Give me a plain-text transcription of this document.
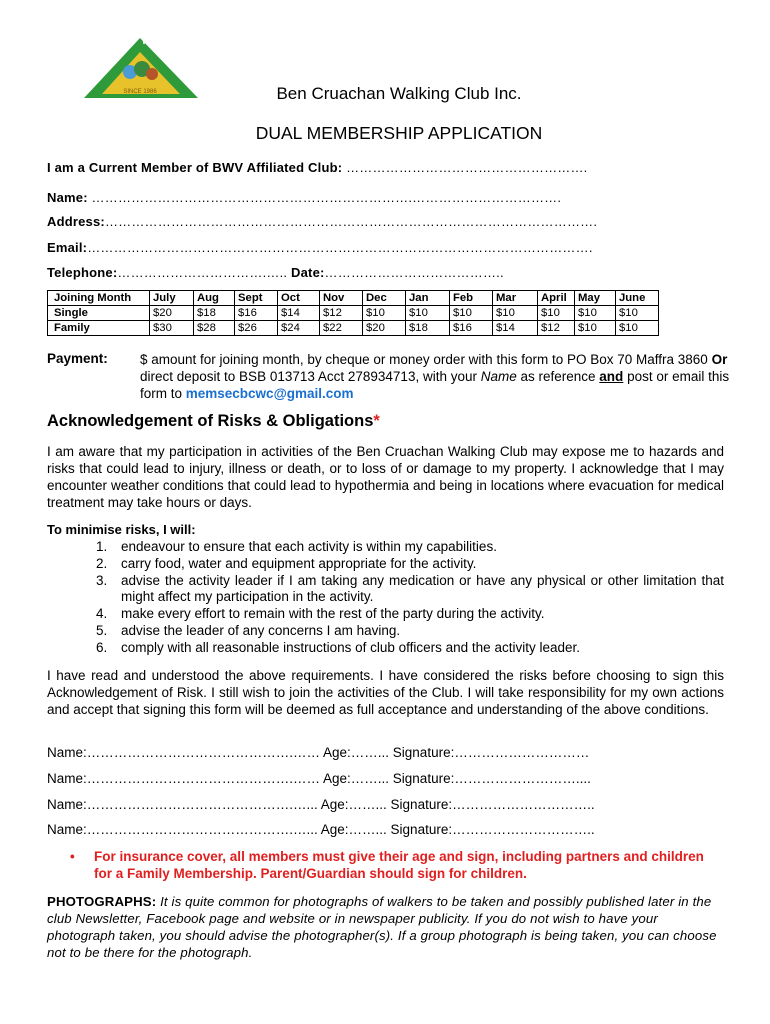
BEN CRUACHAN
WALKING CLUB
SINCE 1986	Ben Cruachan Walking Club Inc.
DUAL MEMBERSHIP APPLICATION
I am a Current Member of BWV Affiliated Club: ……………………………………………….
Name: ……………………………………………………………….…………………………….
Address:………………………………………………………………………………………………….
Email:…………………………………………………………………………………………………….
Telephone:…………………………….….. Date:…………………………………..
Joining Month	July	Aug	Sept	Oct	Nov	Dec	Jan	Feb	Mar	April	May	June
Single	$20	$18	$16	$14	$12	$10	$10	$10	$10	$10	$10	$10
Family	$30	$28	$26	$24	$22	$20	$18	$16	$14	$12	$10	$10
Payment: $ amount for joining month, by cheque or money order with this form to PO Box 70 Maffra 3860 Or direct deposit to BSB 013713 Acct 278934713, with your Name as reference and post or email this form to memsecbcwc@gmail.com
Acknowledgement of Risks & Obligations*
I am aware that my participation in activities of the Ben Cruachan Walking Club may expose me to hazards and risks that could lead to injury, illness or death, or to loss of or damage to my property. I acknowledge that I may encounter weather conditions that could lead to hypothermia and being in locations where evacuation for medical treatment may take hours or days.
To minimise risks, I will:
1. endeavour to ensure that each activity is within my capabilities.
2. carry food, water and equipment appropriate for the activity.
3. advise the activity leader if I am taking any medication or have any physical or other limitation that might affect my participation in the activity.
4. make every effort to remain with the rest of the party during the activity.
5. advise the leader of any concerns I am having.
6. comply with all reasonable instructions of club officers and the activity leader.
I have read and understood the above requirements. I have considered the risks before choosing to sign this Acknowledgement of Risk. I still wish to join the activities of the Club. I will take responsibility for my own actions and accept that signing this form will be deemed as full acceptance and understanding of the above conditions.
Name:……………………………………….…… Age:……... Signature:…………………………
Name:……………………………………….…… Age:……... Signature:………………………....
Name:……………………………………….…... Age:……... Signature:…………………………..
Name:……………………………………….…... Age:……... Signature:…………………………..
• For insurance cover, all members must give their age and sign, including partners and children for a Family Membership. Parent/Guardian should sign for children.
PHOTOGRAPHS: It is quite common for photographs of walkers to be taken and possibly published later in the club Newsletter, Facebook page and website or in newspaper publicity. If you do not wish to have your photograph taken, you should advise the photographer(s). If a group photograph is being taken, you can choose not to be there for the photograph.
